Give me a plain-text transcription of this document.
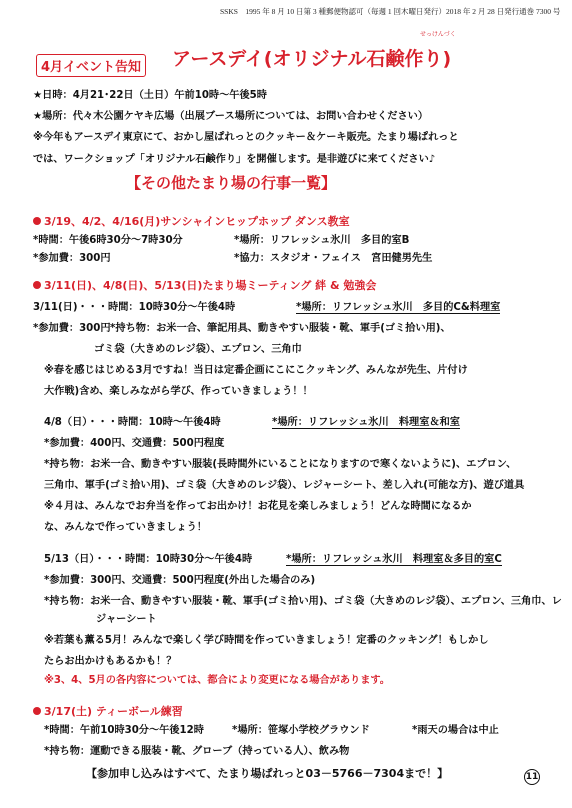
SSKS　1995 年 8 月 10 日第 3 種郵便物認可（毎週 1 回木曜日発行）2018 年 2 月 28 日発行通巻 7300 号
4月イベント告知
せっけんづく
アースデイ(オリジナル石鹸作り)
★日時：4月21･22日（土日）午前10時～午後5時
★場所：代々木公園ケヤキ広場（出展ブース場所については、お問い合わせください）
※今年もアースデイ東京にて、おかし屋ぱれっとのクッキー＆ケーキ販売。たまり場ぱれっと
では、ワークショップ「オリジナル石鹸作り」を開催します。是非遊びに来てください♪
【その他たまり場の行事一覧】
3/19、4/2、4/16(月)サンシャインヒップホップ ダンス教室
*時間：午後6時30分～7時30分	*場所：リフレッシュ氷川　多目的室B
*参加費：300円	*協力：スタジオ・フェイス　宮田健男先生
3/11(日)、4/8(日)、5/13(日)たまり場ミーティング 絆 & 勉強会
3/11(日)・・・時間：10時30分～午後4時	*場所：リフレッシュ氷川　多目的C&料理室
*参加費：300円 *持ち物：お米一合、筆記用具、動きやすい服装・靴、軍手(ゴミ拾い用)、
ゴミ袋（大きめのレジ袋）、エプロン、三角巾
※春を感じはじめる3月ですね！当日は定番企画にこにこクッキング、みんなが先生、片付け
大作戦)含め、楽しみながら学び、作っていきましょう！！
4/8（日）・・・時間：10時～午後4時	*場所：リフレッシュ氷川　料理室＆和室
*参加費：400円、交通費：500円程度
*持ち物：お米一合、動きやすい服装(長時間外にいることになりますので寒くないように)、エプロン、
三角巾、軍手(ゴミ拾い用)、ゴミ袋（大きめのレジ袋）、レジャーシート、差し入れ(可能な方)、遊び道具
※４月は、みんなでお弁当を作ってお出かけ！お花見を楽しみましょう！どんな時間になるか
な、みんなで作っていきましょう！
5/13（日）・・・時間：10時30分～午後4時	*場所：リフレッシュ氷川　料理室＆多目的室C
*参加費：300円、交通費：500円程度(外出した場合のみ)
*持ち物：お米一合、動きやすい服装・靴、軍手(ゴミ拾い用)、ゴミ袋（大きめのレジ袋）、エプロン、三角巾、レ
ジャーシート
※若葉も薫る5月！みんなで楽しく学び時間を作っていきましょう！定番のクッキング！もしかし
たらお出かけもあるかも！？
※3、4、5月の各内容については、都合により変更になる場合があります。
3/17(土) ティーボール練習
*時間：午前10時30分～午後12時	*場所：笹塚小学校グラウンド	*雨天の場合は中止
*持ち物：運動できる服装・靴、グローブ（持っている人）、飲み物
【参加申し込みはすべて、たまり場ぱれっと03－5766－7304まで！】	11
